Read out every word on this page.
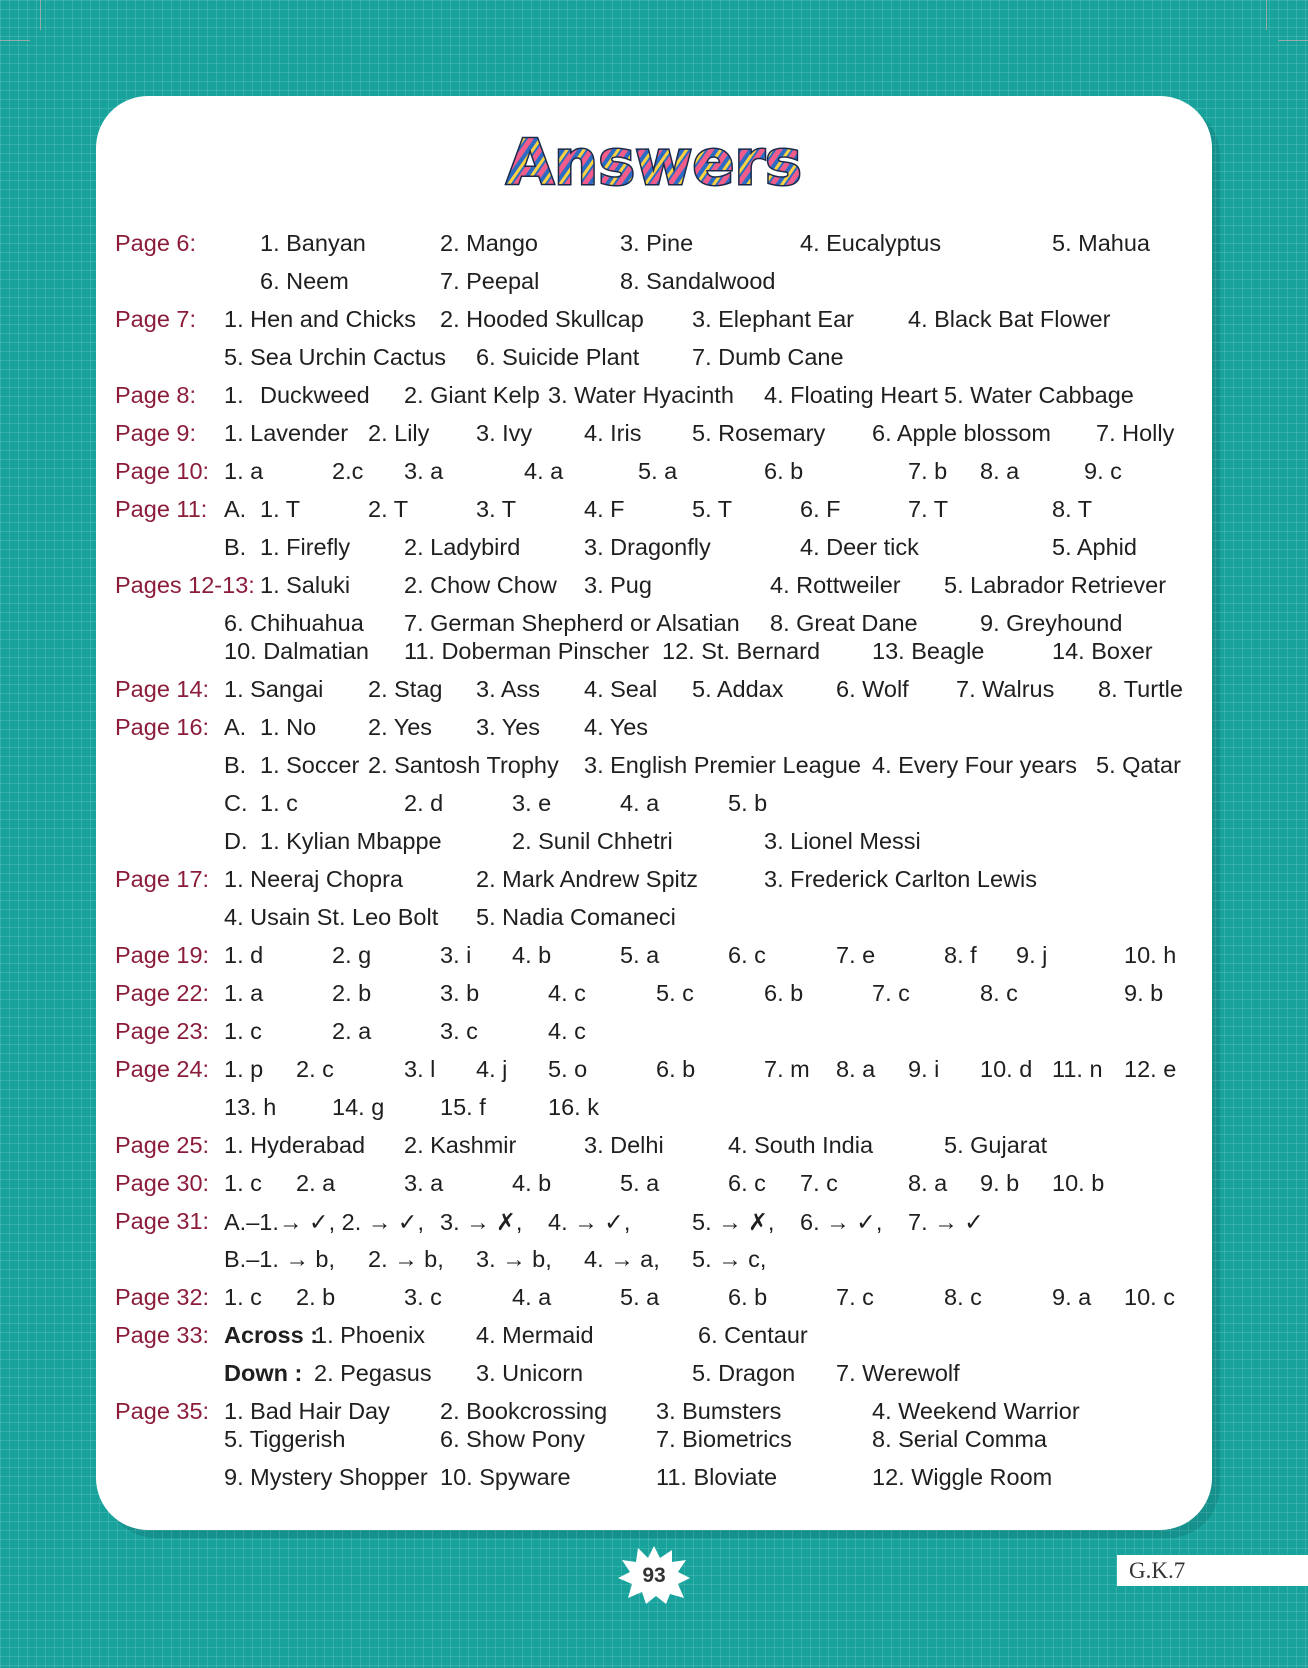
Answers
Page 6:	1. Banyan	2. Mango	3. Pine	4. Eucalyptus	5. Mahua
6. Neem	7. Peepal	8. Sandalwood
Page 7: 1. Hen and Chicks 2. Hooded Skullcap 3. Elephant Ear 4. Black Bat Flower
5. Sea Urchin Cactus 6. Suicide Plant 7. Dumb Cane
Page 8: 1. Duckweed 2. Giant Kelp 3. Water Hyacinth 4. Floating Heart 5. Water Cabbage
Page 9: 1. Lavender 2. Lily 3. Ivy 4. Iris 5. Rosemary 6. Apple blossom 7. Holly
Page 10: 1. a	2.c 3. a	4. a	5. a	6. b	7. b 8. a	9. c
Page 11: A. 1. T	2. T	3. T	4. F	5. T	6. F	7. T	8. T
B. 1. Firefly 2. Ladybird	3. Dragonfly	4. Deer tick	5. Aphid
Pages 12-13: 1. Saluki 2. Chow Chow 3. Pug	4. Rottweiler 5. Labrador Retriever
6. Chihuahua 7. German Shepherd or Alsatian 8. Great Dane	9. Greyhound
10. Dalmatian 11. Doberman Pinscher 12. St. Bernard 13. Beagle	14. Boxer
Page 14: 1. Sangai 2. Stag 3. Ass 4. Seal 5. Addax 6. Wolf 7. Walrus 8. Turtle
Page 16: A. 1. No 2. Yes 3. Yes 4. Yes
B. 1. Soccer 2. Santosh Trophy 3. English Premier League 4. Every Four years 5. Qatar
C. 1. c	2. d	3. e	4. a	5. b
D. 1. Kylian Mbappe	2. Sunil Chhetri	3. Lionel Messi
Page 17: 1. Neeraj Chopra	2. Mark Andrew Spitz	3. Frederick Carlton Lewis
4. Usain St. Leo Bolt 5. Nadia Comaneci
Page 19: 1. d	2. g	3. i 4. b	5. a	6. c	7. e	8. f 9. j	10. h
Page 22: 1. a	2. b	3. b	4. c	5. c	6. b	7. c	8. c	9. b
Page 23: 1. c	2. a	3. c	4. c
Page 24: 1. p 2. c	3. l 4. j 5. o	6. b	7. m 8. a 9. i 10. d 11. n 12. e
13. h 14. g 15. f	16. k
Page 25: 1. Hyderabad 2. Kashmir	3. Delhi	4. South India	5. Gujarat
Page 30: 1. c 2. a	3. a	4. b	5. a	6. c 7. c	8. a 9. b 10. b
Page 31: A.–1.→ ✓, 2. → ✓, 3. → ✗, 4. → ✓,	5. → ✗, 6. → ✓, 7. → ✓
B.–1. → b, 2. → b, 3. → b, 4. → a, 5. → c,
Page 32: 1. c 2. b	3. c	4. a	5. a	6. b	7. c	8. c	9. a 10. c
Page 33: Across :
1. Phoenix 4. Mermaid	6. Centaur
Down : 2. Pegasus 3. Unicorn	5. Dragon 7. Werewolf
Page 35: 1. Bad Hair Day 2. Bookcrossing 3. Bumsters	4. Weekend Warrior
5. Tiggerish	6. Show Pony	7. Biometrics	8. Serial Comma
9. Mystery Shopper 10. Spyware	11. Bloviate	12. Wiggle Room
93	G.K.7
